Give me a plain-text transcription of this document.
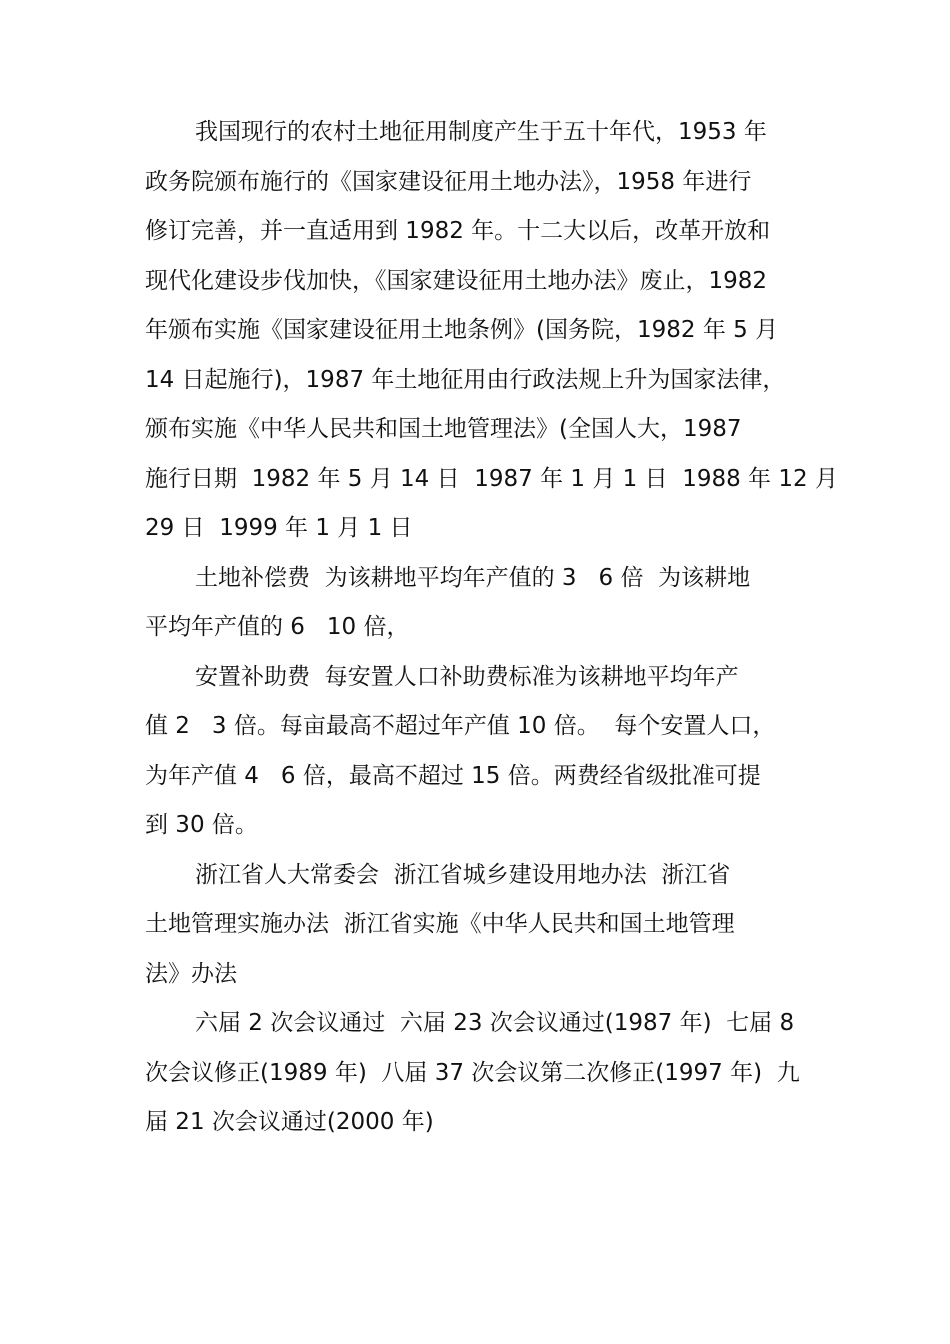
我国现行的农村土地征用制度产生于五十年代，1953 年
政务院颁布施行的《国家建设征用土地办法》，1958 年进行
修订完善，并一直适用到 1982 年。十二大以后，改革开放和
现代化建设步伐加快，《国家建设征用土地办法》废止，1982
年颁布实施《国家建设征用土地条例》(国务院，1982 年 5 月
14 日起施行)，1987 年土地征用由行政法规上升为国家法律，
颁布实施《中华人民共和国土地管理法》(全国人大，1987
施行日期  1982 年 5 月 14 日  1987 年 1 月 1 日  1988 年 12 月
29 日  1999 年 1 月 1 日
土地补偿费  为该耕地平均年产值的 3   6 倍  为该耕地
平均年产值的 6   10 倍，
安置补助费  每安置人口补助费标准为该耕地平均年产
值 2   3 倍。每亩最高不超过年产值 10 倍。  每个安置人口，
为年产值 4   6 倍，最高不超过 15 倍。两费经省级批准可提
到 30 倍。
浙江省人大常委会  浙江省城乡建设用地办法  浙江省
土地管理实施办法  浙江省实施《中华人民共和国土地管理
法》办法
六届 2 次会议通过  六届 23 次会议通过(1987 年)  七届 8
次会议修正(1989 年)  八届 37 次会议第二次修正(1997 年)  九
届 21 次会议通过(2000 年)
